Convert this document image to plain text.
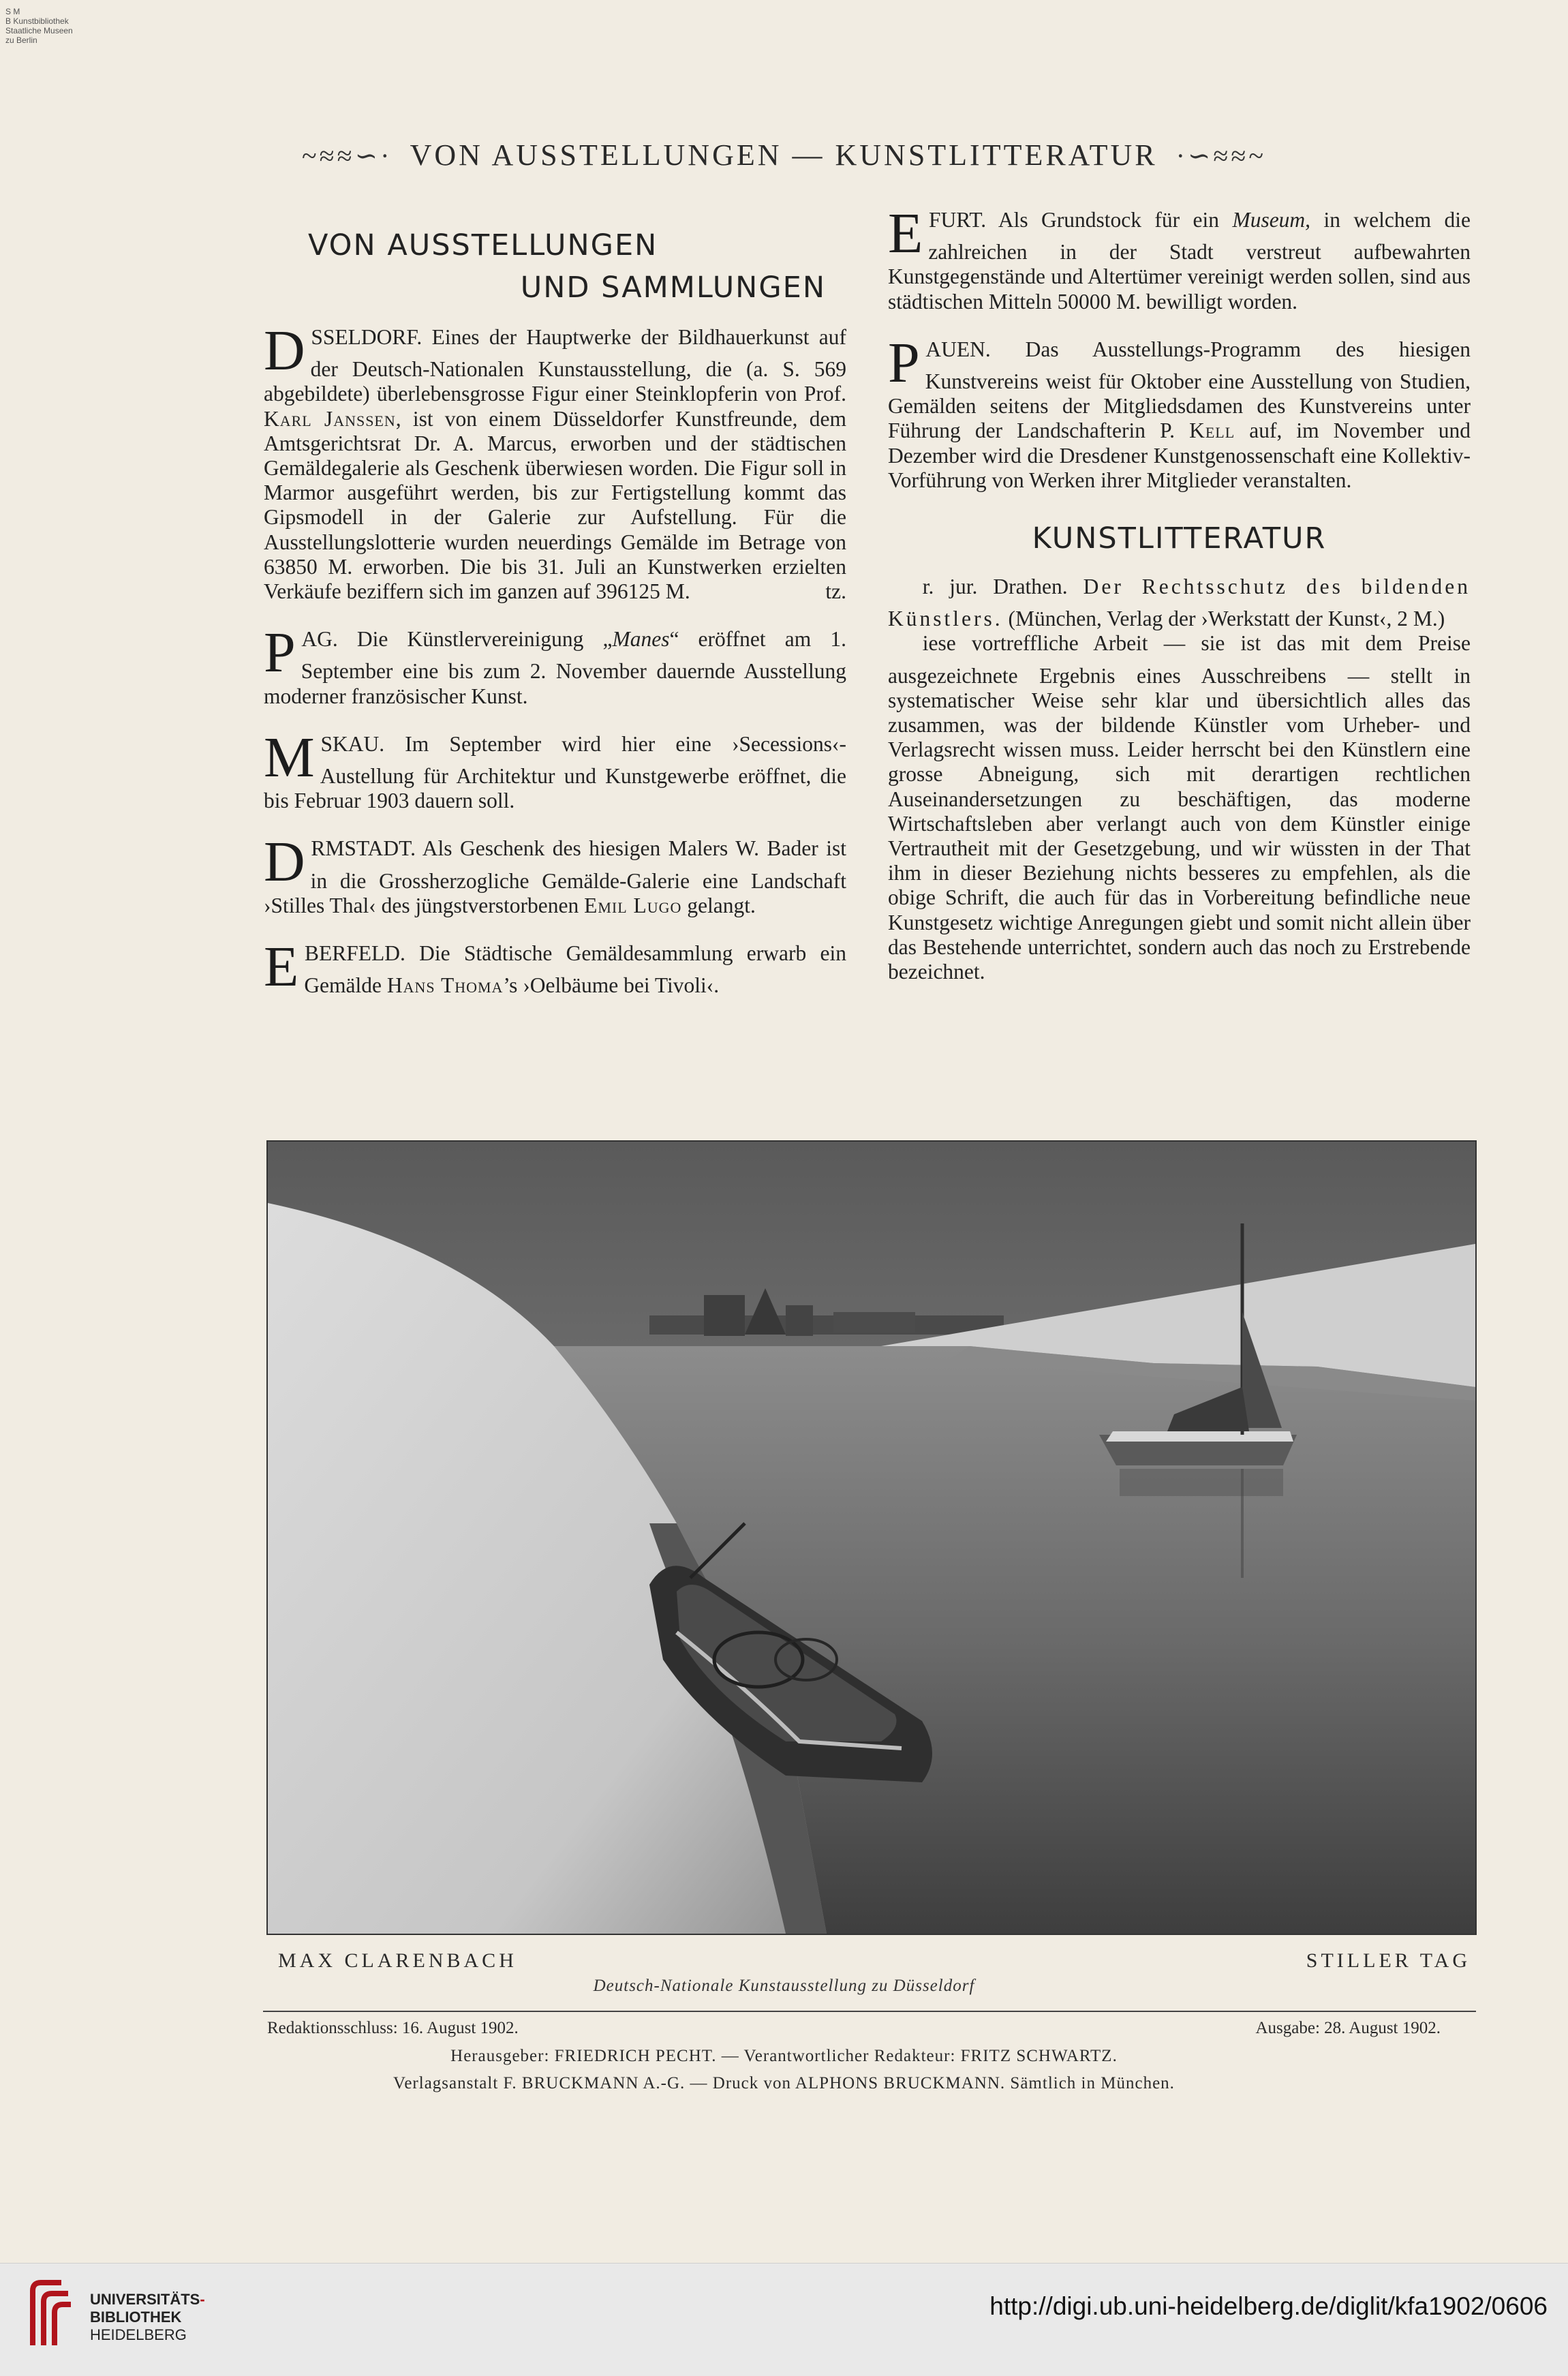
S M
B Kunstbibliothek
Staatliche Museen
zu Berlin
~≈≈∽· VON AUSSTELLUNGEN — KUNSTLITTERATUR ·∽≈≈~
VON AUSSTELLUNGEN
UND SAMMLUNGEN

DÜSSELDORF. Eines der Hauptwerke der Bildhauerkunst auf der Deutsch-Nationalen Kunstausstellung, die (a. S. 569 abgebildete) überlebensgrosse Figur einer Steinklopferin von Prof. Karl Janssen, ist von einem Düsseldorfer Kunstfreunde, dem Amtsgerichtsrat Dr. A. Marcus, erworben und der städtischen Gemäldegalerie als Geschenk überwiesen worden. Die Figur soll in Marmor ausgeführt werden, bis zur Fertigstellung kommt das Gipsmodell in der Galerie zur Aufstellung. Für die Ausstellungslotterie wurden neuerdings Gemälde im Betrage von 63850 M. erworben. Die bis 31. Juli an Kunstwerken erzielten Verkäufe beziffern sich im ganzen auf 396125 M.	tz.

PRAG. Die Künstlervereinigung „Manes“ eröffnet am 1. September eine bis zum 2. November dauernde Ausstellung moderner französischer Kunst.

MOSKAU. Im September wird hier eine ›Secessions‹-Austellung für Architektur und Kunstgewerbe eröffnet, die bis Februar 1903 dauern soll.

DARMSTADT. Als Geschenk des hiesigen Malers W. Bader ist in die Grossherzogliche Gemälde-Galerie eine Landschaft ›Stilles Thal‹ des jüngstverstorbenen Emil Lugo gelangt.

ELBERFELD. Die Städtische Gemäldesammlung erwarb ein Gemälde Hans Thoma’s ›Oelbäume bei Tivoli‹.

ERFURT. Als Grundstock für ein Museum, in welchem die zahlreichen in der Stadt verstreut aufbewahrten Kunstgegenstände und Altertümer vereinigt werden sollen, sind aus städtischen Mitteln 50000 M. bewilligt worden.

PLAUEN. Das Ausstellungs-Programm des hiesigen Kunstvereins weist für Oktober eine Ausstellung von Studien, Gemälden seitens der Mitgliedsdamen des Kunstvereins unter Führung der Landschafterin P. Kell auf, im November und Dezember wird die Dresdener Kunstgenossenschaft eine Kollektiv-Vorführung von Werken ihrer Mitglieder veranstalten.

KUNSTLITTERATUR

Dr. jur. Drathen. Der Rechtsschutz des bildenden Künstlers. (München, Verlag der ›Werkstatt der Kunst‹, 2 M.)

Diese vortreffliche Arbeit — sie ist das mit dem Preise ausgezeichnete Ergebnis eines Ausschreibens — stellt in systematischer Weise sehr klar und übersichtlich alles das zusammen, was der bildende Künstler vom Urheber- und Verlagsrecht wissen muss. Leider herrscht bei den Künstlern eine grosse Abneigung, sich mit derartigen rechtlichen Auseinandersetzungen zu beschäftigen, das moderne Wirtschaftsleben aber verlangt auch von dem Künstler einige Vertrautheit mit der Gesetzgebung, und wir wüssten in der That ihm in dieser Beziehung nichts besseres zu empfehlen, als die obige Schrift, die auch für das in Vorbereitung befindliche neue Kunstgesetz wichtige Anregungen giebt und somit nicht allein über das Bestehende unterrichtet, sondern auch das noch zu Erstrebende bezeichnet.

MAX CLARENBACH	STILLER TAG
Deutsch-Nationale Kunstausstellung zu Düsseldorf
Redaktionsschluss: 16. August 1902.	Ausgabe: 28. August 1902.
Herausgeber: FRIEDRICH PECHT. — Verantwortlicher Redakteur: FRITZ SCHWARTZ.
Verlagsanstalt F. BRUCKMANN A.-G. — Druck von ALPHONS BRUCKMANN. Sämtlich in München.
UNIVERSITÄTS-
BIBLIOTHEK
HEIDELBERG
http://digi.ub.uni-heidelberg.de/diglit/kfa1902/0606
